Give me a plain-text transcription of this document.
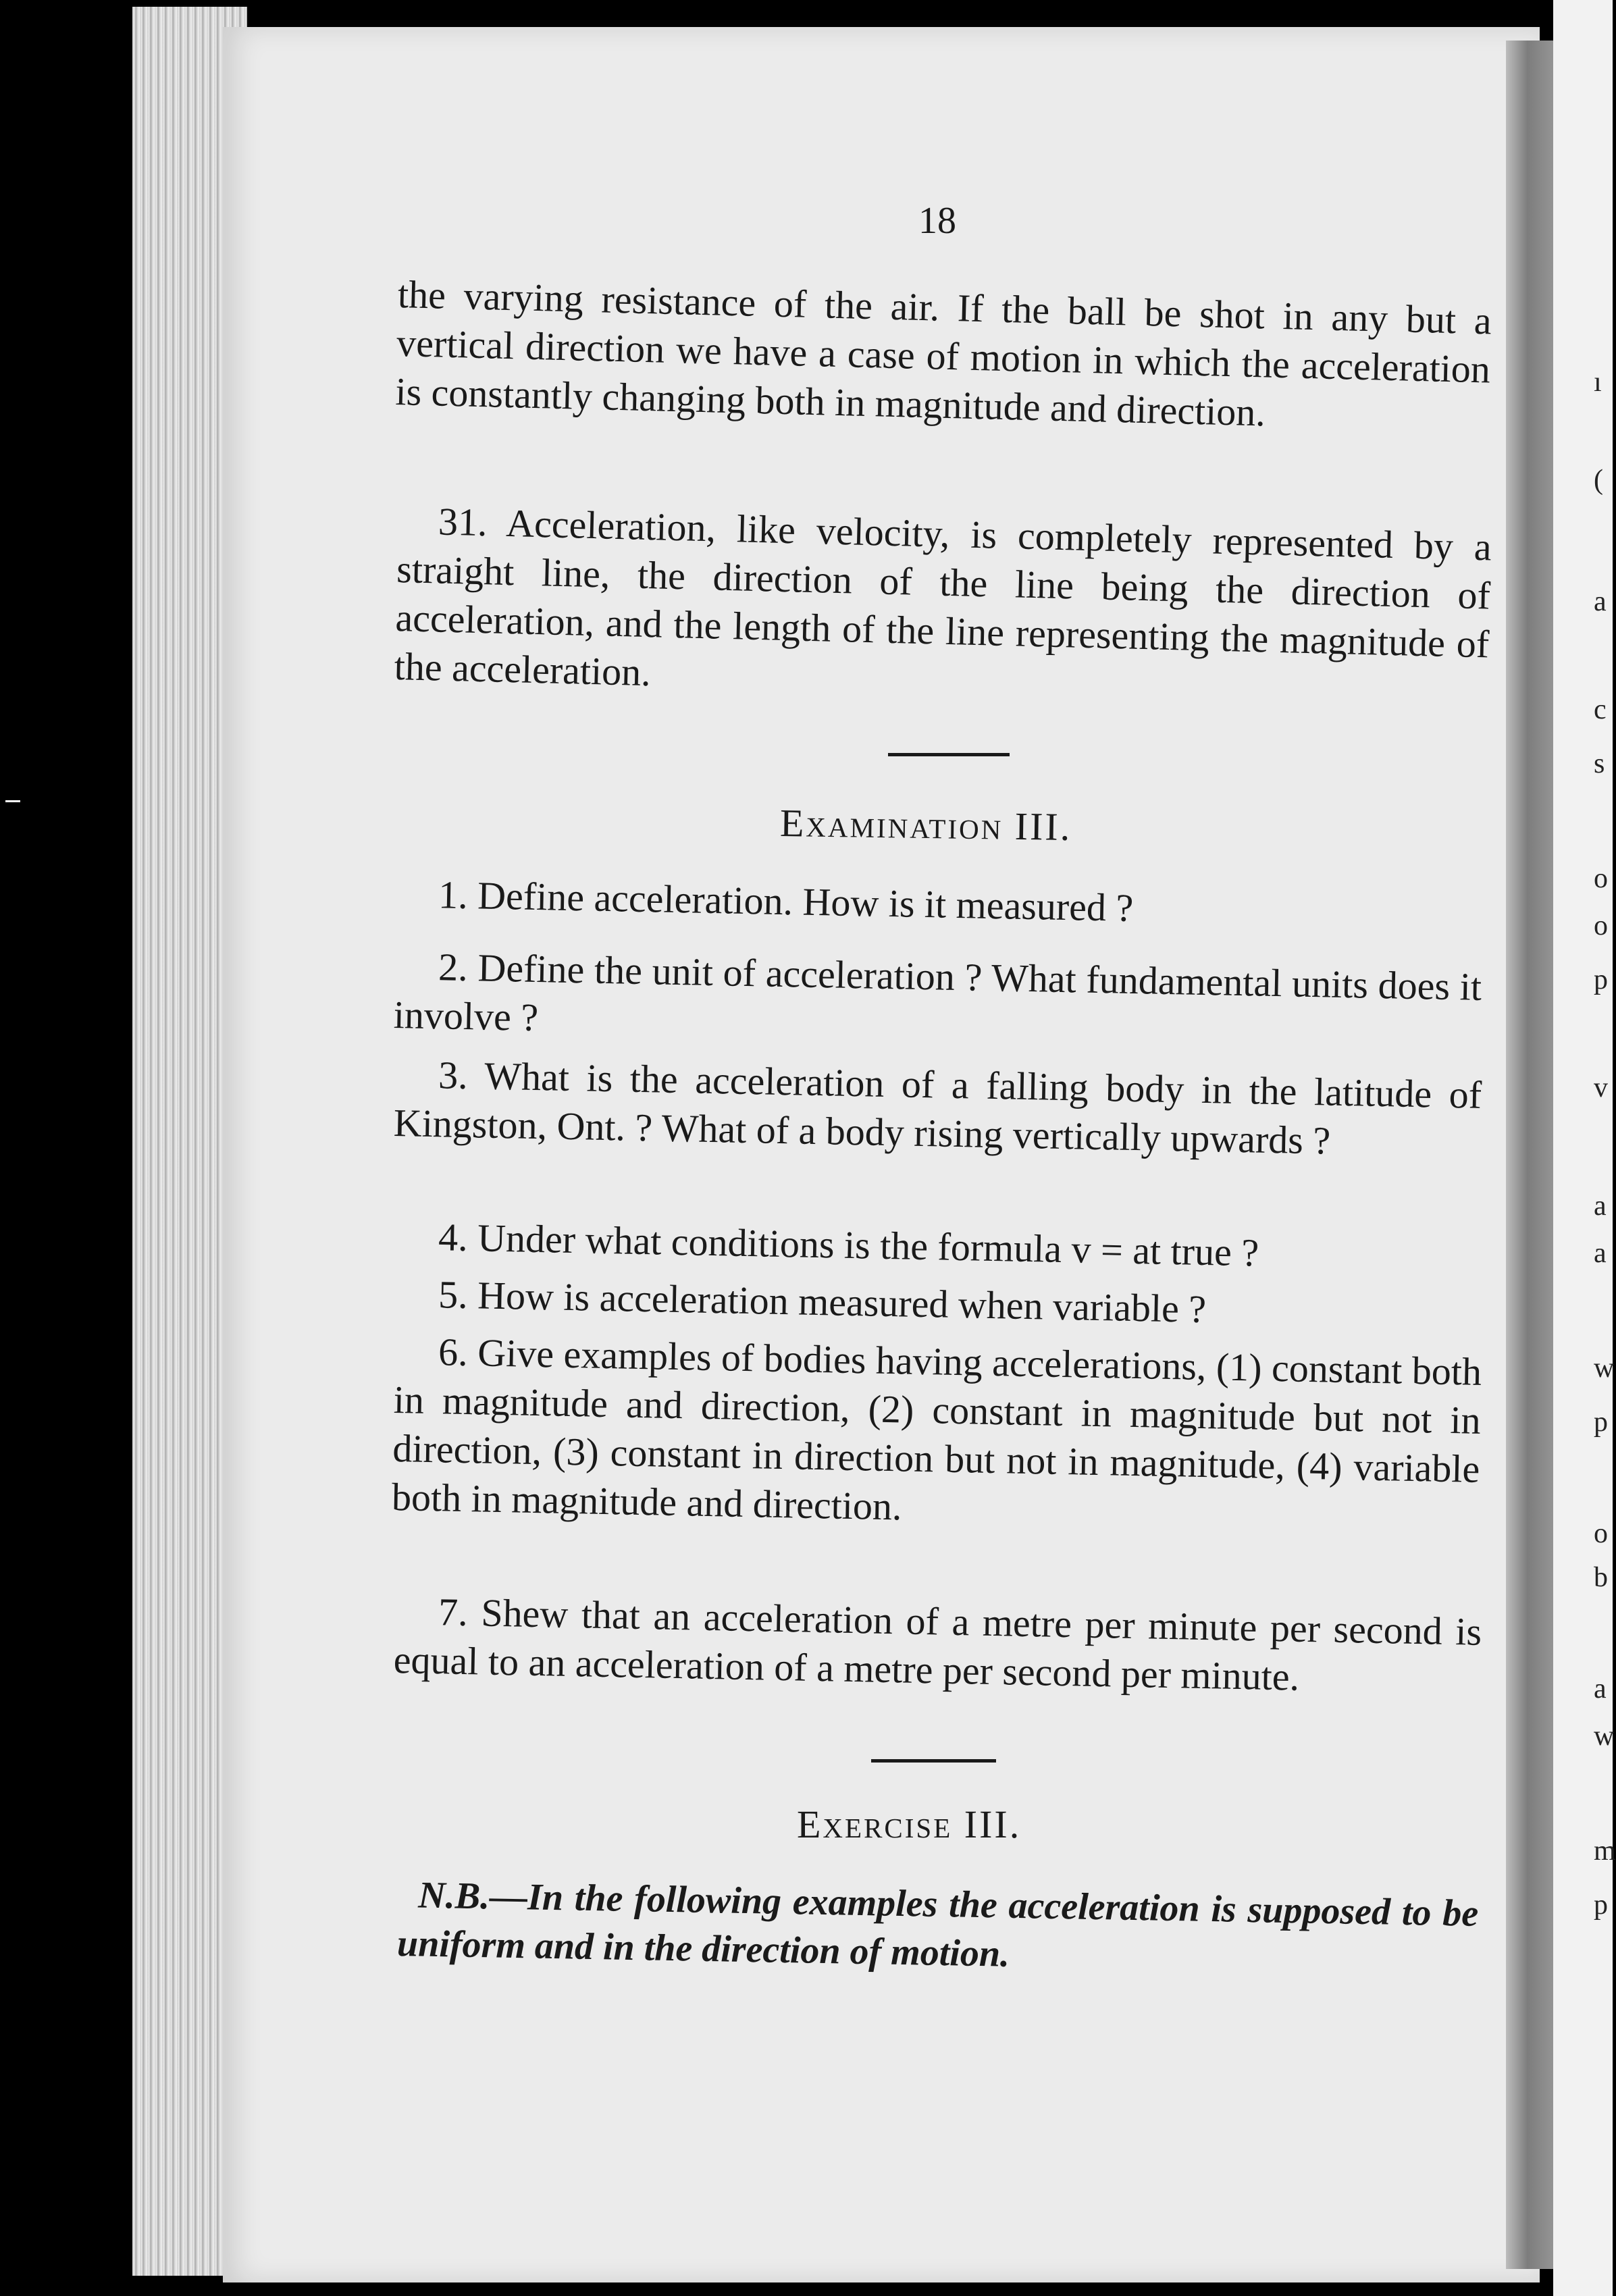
ı
(
a
c
s
o
o
p
v
a
a
w
p
o
b
a
w
m
p
18
the varying resistance of the air. If the ball be shot in any but a vertical direction we have a case of motion in which the acceleration is constantly changing both in magnitude and direction.
31. Acceleration, like velocity, is completely represented by a straight line, the direction of the line being the direction of acceleration, and the length of the line representing the magnitude of the acceleration.
Examination III.
1. Define acceleration. How is it measured ?
2. Define the unit of acceleration ? What fundamental units does it involve ?
3. What is the acceleration of a falling body in the latitude of Kingston, Ont. ? What of a body rising vertically upwards ?
4. Under what conditions is the formula v = at true ?
5. How is acceleration measured when variable ?
6. Give examples of bodies having accelerations, (1) constant both in magnitude and direction, (2) constant in magnitude but not in direction, (3) constant in direction but not in magnitude, (4) variable both in magnitude and direction.
7. Shew that an acceleration of a metre per minute per second is equal to an acceleration of a metre per second per minute.
Exercise III.
N.B.—In the following examples the acceleration is supposed to be uniform and in the direction of motion.
